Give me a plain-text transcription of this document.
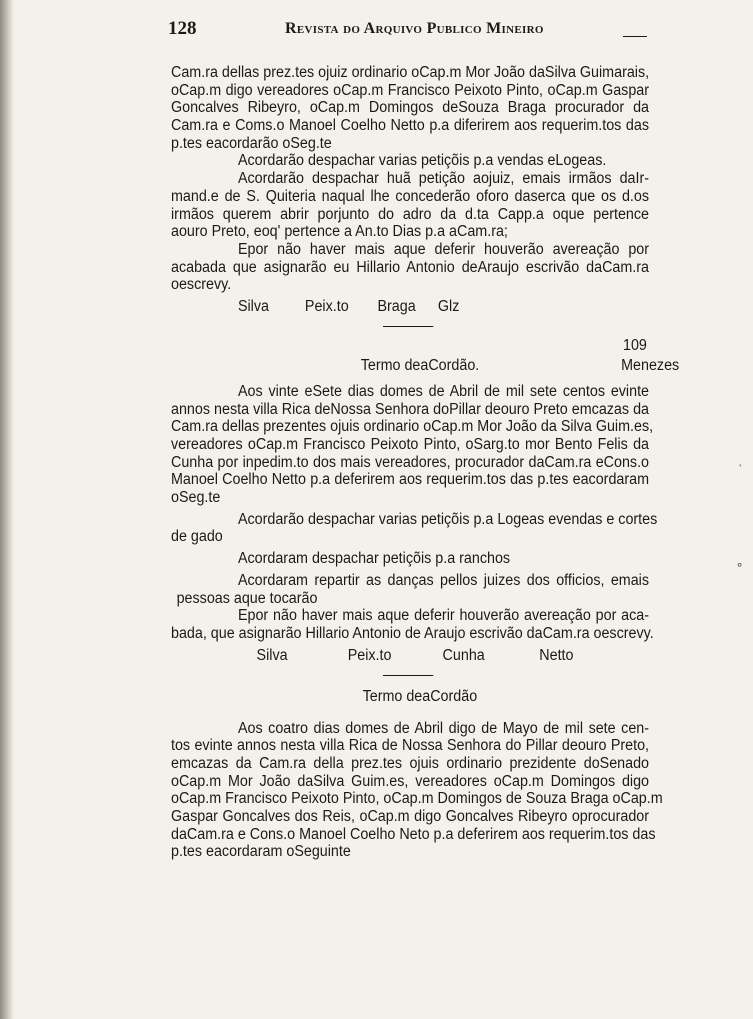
128	Revista do Arquivo Publico Mineiro
ˈ
°
Cam.ra dellas prez.tes ojuiz ordinario oCap.m Mor João daSilva Guimarais,
oCap.m digo vereadores oCap.m Francisco Peixoto Pinto, oCap.m Gaspar
Goncalves Ribeyro, oCap.m Domingos deSouza Braga procurador da
Cam.ra e Coms.o Manoel Coelho Netto p.a diferirem aos requerim.tos das
p.tes eacordarão oSeg.te
Acordarão despachar varias petiçõis p.a vendas eLogeas.
Acordarão despachar huã petição aojuiz, emais irmãos daIr-
mand.e de S. Quiteria naqual lhe concederão oforo daserca que os d.os
irmãos querem abrir porjunto do adro da d.ta Capp.a oque pertence
aouro Preto, eoq' pertence a An.to Dias p.a aCam.ra;
Epor não haver mais aque deferir houverão avereação por
acabada que asignarão eu Hillario Antonio deAraujo escrivão daCam.ra
oescrevy.
Silva Peix.to Braga Glz
109
Termo deaCordão.	Menezes
Aos vinte eSete dias domes de Abril de mil sete centos evinte
annos nesta villa Rica deNossa Senhora doPillar deouro Preto emcazas da
Cam.ra dellas prezentes ojuis ordinario oCap.m Mor João da Silva Guim.es,
vereadores oCap.m Francisco Peixoto Pinto, oSarg.to mor Bento Felis da
Cunha por inpedim.to dos mais vereadores, procurador daCam.ra eCons.o
Manoel Coelho Netto p.a deferirem aos requerim.tos das p.tes eacordaram
oSeg.te
Acordarão despachar varias petiçõis p.a Logeas evendas e cortes
de gado
Acordaram despachar petiçõis p.a ranchos
Acordaram repartir as danças pellos juizes dos officios, emais
pessoas aque tocarão
Epor não haver mais aque deferir houverão avereação por aca-
bada, que asignarão Hillario Antonio de Araujo escrivão daCam.ra oescrevy.
Silva	Peix.to	Cunha	Netto
Termo deaCordão
Aos coatro dias domes de Abril digo de Mayo de mil sete cen-
tos evinte annos nesta villa Rica de Nossa Senhora do Pillar deouro Preto,
emcazas da Cam.ra della prez.tes ojuis ordinario prezidente doSenado
oCap.m Mor João daSilva Guim.es, vereadores oCap.m Domingos digo
oCap.m Francisco Peixoto Pinto, oCap.m Domingos de Souza Braga oCap.m
Gaspar Goncalves dos Reis, oCap.m digo Goncalves Ribeyro oprocurador
daCam.ra e Cons.o Manoel Coelho Neto p.a deferirem aos requerim.tos das
p.tes eacordaram oSeguinte
